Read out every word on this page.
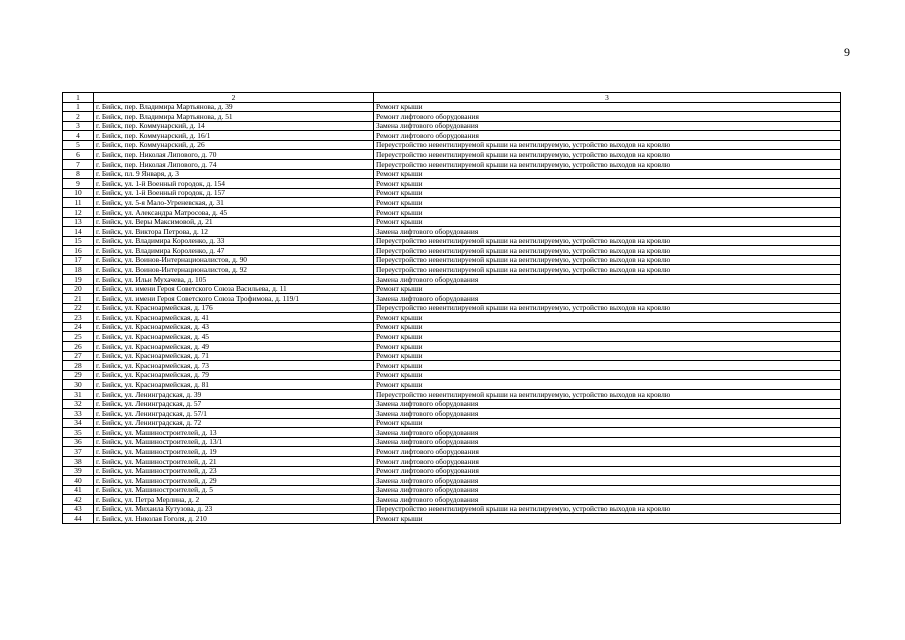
9
1	2	3
1	г. Бийск, пер. Владимира Мартьянова, д. 39	Ремонт крыши
2	г. Бийск, пер. Владимира Мартьянова, д. 51	Ремонт лифтового оборудования
3	г. Бийск, пер. Коммунарский, д. 14	Замена лифтового оборудования
4	г. Бийск, пер. Коммунарский, д. 16/1	Ремонт лифтового оборудования
5	г. Бийск, пер. Коммунарский, д. 26	Переустройство невентилируемой крыши на вентилируемую, устройство выходов на кровлю
6	г. Бийск, пер. Николая Липового, д. 70	Переустройство невентилируемой крыши на вентилируемую, устройство выходов на кровлю
7	г. Бийск, пер. Николая Липового, д. 74	Переустройство невентилируемой крыши на вентилируемую, устройство выходов на кровлю
8	г. Бийск, пл. 9 Января, д. 3	Ремонт крыши
9	г. Бийск, ул. 1-й Военный городок, д. 154	Ремонт крыши
10	г. Бийск, ул. 1-й Военный городок, д. 157	Ремонт крыши
11	г. Бийск, ул. 5-я Мало-Угреневская, д. 31	Ремонт крыши
12	г. Бийск, ул. Александра Матросова, д. 45	Ремонт крыши
13	г. Бийск, ул. Веры Максимовой, д. 21	Ремонт крыши
14	г. Бийск, ул. Виктора Петрова, д. 12	Замена лифтового оборудования
15	г. Бийск, ул. Владимира Короленко, д. 33	Переустройство невентилируемой крыши на вентилируемую, устройство выходов на кровлю
16	г. Бийск, ул. Владимира Короленко, д. 47	Переустройство невентилируемой крыши на вентилируемую, устройство выходов на кровлю
17	г. Бийск, ул. Воинов-Интернационалистов, д. 90	Переустройство невентилируемой крыши на вентилируемую, устройство выходов на кровлю
18	г. Бийск, ул. Воинов-Интернационалистов, д. 92	Переустройство невентилируемой крыши на вентилируемую, устройство выходов на кровлю
19	г. Бийск, ул. Ильи Мухачева, д. 105	Замена лифтового оборудования
20	г. Бийск, ул. имени Героя Советского Союза Васильева, д. 11	Ремонт крыши
21	г. Бийск, ул. имени Героя Советского Союза Трофимова, д. 119/1	Замена лифтового оборудования
22	г. Бийск, ул. Красноармейская, д. 176	Переустройство невентилируемой крыши на вентилируемую, устройство выходов на кровлю
23	г. Бийск, ул. Красноармейская, д. 41	Ремонт крыши
24	г. Бийск, ул. Красноармейская, д. 43	Ремонт крыши
25	г. Бийск, ул. Красноармейская, д. 45	Ремонт крыши
26	г. Бийск, ул. Красноармейская, д. 49	Ремонт крыши
27	г. Бийск, ул. Красноармейская, д. 71	Ремонт крыши
28	г. Бийск, ул. Красноармейская, д. 73	Ремонт крыши
29	г. Бийск, ул. Красноармейская, д. 79	Ремонт крыши
30	г. Бийск, ул. Красноармейская, д. 81	Ремонт крыши
31	г. Бийск, ул. Ленинградская, д. 39	Переустройство невентилируемой крыши на вентилируемую, устройство выходов на кровлю
32	г. Бийск, ул. Ленинградская, д. 57	Замена лифтового оборудования
33	г. Бийск, ул. Ленинградская, д. 57/1	Замена лифтового оборудования
34	г. Бийск, ул. Ленинградская, д. 72	Ремонт крыши
35	г. Бийск, ул. Машиностроителей, д. 13	Замена лифтового оборудования
36	г. Бийск, ул. Машиностроителей, д. 13/1	Замена лифтового оборудования
37	г. Бийск, ул. Машиностроителей, д. 19	Ремонт лифтового оборудования
38	г. Бийск, ул. Машиностроителей, д. 21	Ремонт лифтового оборудования
39	г. Бийск, ул. Машиностроителей, д. 23	Ремонт лифтового оборудования
40	г. Бийск, ул. Машиностроителей, д. 29	Замена лифтового оборудования
41	г. Бийск, ул. Машиностроителей, д. 5	Замена лифтового оборудования
42	г. Бийск, ул. Петра Мерлина, д. 2	Замена лифтового оборудования
43	г. Бийск, ул. Михаила Кутузова, д. 23	Переустройство невентилируемой крыши на вентилируемую, устройство выходов на кровлю
44	г. Бийск, ул. Николая Гоголя, д. 210	Ремонт крыши
